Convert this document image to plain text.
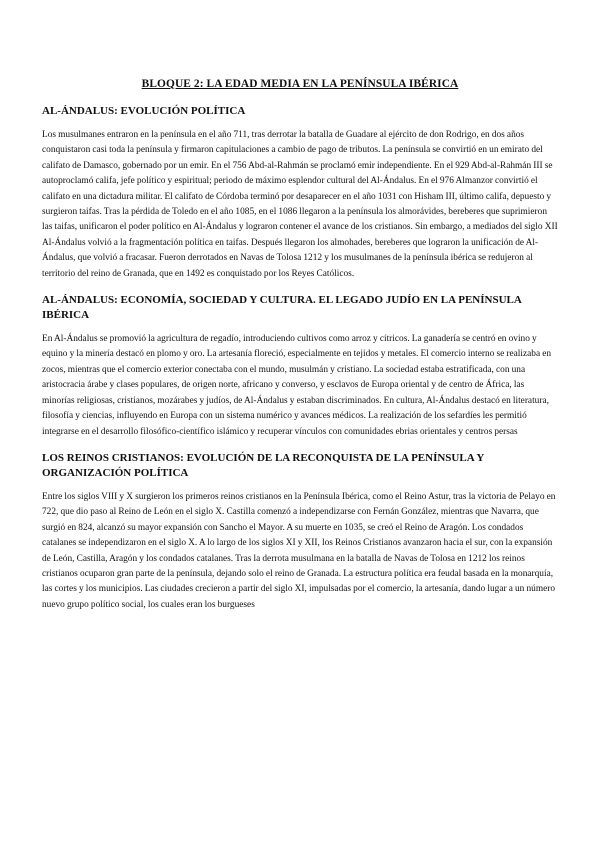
BLOQUE 2: LA EDAD MEDIA EN LA PENÍNSULA IBÉRICA
AL-ÁNDALUS: EVOLUCIÓN POLÍTICA

Los musulmanes entraron en la península en el año 711, tras derrotar la batalla de Guadare al ejército de don Rodrigo, en dos años conquistaron casi toda la península y firmaron capitulaciones a cambio de pago de tributos. La península se convirtió en un emirato del califato de Damasco, gobernado por un emir. En el 756 Abd-al-Rahmán se proclamó emir independiente. En el 929 Abd-al-Rahmán III se autoproclamó califa, jefe político y espiritual; periodo de máximo esplendor cultural del Al-Ándalus. En el 976 Almanzor convirtió el califato en una dictadura militar. El califato de Córdoba terminó por desaparecer en el año 1031 con Hisham III, último califa, depuesto y surgieron taifas. Tras la pérdida de Toledo en el año 1085, en el 1086 llegaron a la península los almorávides, bereberes que suprimieron las taifas, unificaron el poder político en Al-Ándalus y lograron contener el avance de los cristianos. Sin embargo, a mediados del siglo XII Al-Ándalus volvió a la fragmentación política en taifas. Después llegaron los almohades, bereberes que lograron la unificación de Al-Ándalus, que volvió a fracasar. Fueron derrotados en Navas de Tolosa 1212 y los musulmanes de la península ibérica se redujeron al territorio del reino de Granada, que en 1492 es conquistado por los Reyes Católicos.

AL-ÁNDALUS: ECONOMÍA, SOCIEDAD Y CULTURA. EL LEGADO JUDÍO EN LA PENÍNSULA IBÉRICA

En Al-Ándalus se promovió la agricultura de regadío, introduciendo cultivos como arroz y cítricos. La ganadería se centró en ovino y equino y la minería destacó en plomo y oro. La artesanía floreció, especialmente en tejidos y metales. El comercio interno se realizaba en zocos, mientras que el comercio exterior conectaba con el mundo, musulmán y cristiano. La sociedad estaba estratificada, con una aristocracia árabe y clases populares, de origen norte, africano y converso, y esclavos de Europa oriental y de centro de África, las minorías religiosas, cristianos, mozárabes y judíos, de Al-Ándalus y estaban discriminados. En cultura, Al-Ándalus destacó en literatura, filosofía y ciencias, influyendo en Europa con un sistema numérico y avances médicos. La realización de los sefardíes les permitió integrarse en el desarrollo filosófico-científico islámico y recuperar vínculos con comunidades ebrias orientales y centros persas

LOS REINOS CRISTIANOS: EVOLUCIÓN DE LA RECONQUISTA DE LA PENÍNSULA Y ORGANIZACIÓN POLÍTICA

Entre los siglos VIII y X surgieron los primeros reinos cristianos en la Península Ibérica, como el Reino Astur, tras la victoria de Pelayo en 722, que dio paso al Reino de León en el siglo X. Castilla comenzó a independizarse con Fernán González, mientras que Navarra, que surgió en 824, alcanzó su mayor expansión con Sancho el Mayor. A su muerte en 1035, se creó el Reino de Aragón. Los condados catalanes se independizaron en el siglo X. A lo largo de los siglos XI y XII, los Reinos Cristianos avanzaron hacia el sur, con la expansión de León, Castilla, Aragón y los condados catalanes. Tras la derrota musulmana en la batalla de Navas de Tolosa en 1212 los reinos cristianos ocuparon gran parte de la península, dejando solo el reino de Granada. La estructura política era feudal basada en la monarquía, las cortes y los municipios. Las ciudades crecieron a partir del siglo XI, impulsadas por el comercio, la artesanía, dando lugar a un número nuevo grupo político social, los cuales eran los burgueses
